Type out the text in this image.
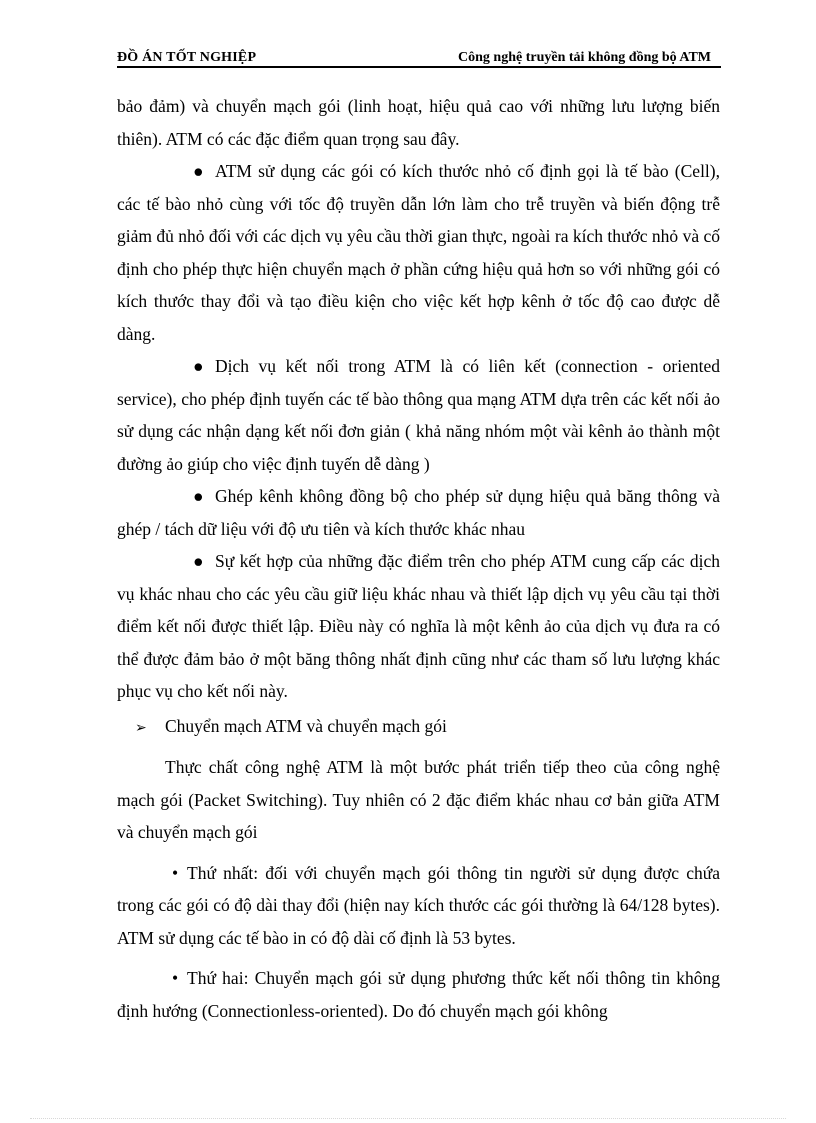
ĐỒ ÁN TỐT NGHIỆP	Công nghệ truyền tải không đồng bộ ATM

bảo đảm) và chuyển mạch gói (linh hoạt, hiệu quả cao với những lưu lượng biến thiên). ATM có các đặc điểm quan trọng sau đây.

● ATM sử dụng các gói có kích thước nhỏ cố định gọi là tế bào (Cell), các tế bào nhỏ cùng với tốc độ truyền dẫn lớn làm cho trễ truyền và biến động trễ giảm đủ nhỏ đối với các dịch vụ yêu cầu thời gian thực, ngoài ra kích thước nhỏ và cố định cho phép thực hiện chuyển mạch ở phần cứng hiệu quả hơn so với những gói có kích thước thay đổi và tạo điều kiện cho việc kết hợp kênh ở tốc độ cao được dễ dàng.

● Dịch vụ kết nối trong ATM là có liên kết (connection - oriented service), cho phép định tuyến các tế bào thông qua mạng ATM dựa trên các kết nối ảo sử dụng các nhận dạng kết nối đơn giản ( khả năng nhóm một vài kênh ảo thành một đường ảo giúp cho việc định tuyến dễ dàng )

● Ghép kênh không đồng bộ cho phép sử dụng hiệu quả băng thông và ghép / tách dữ liệu với độ ưu tiên và kích thước khác nhau

● Sự kết hợp của những đặc điểm trên cho phép ATM cung cấp các dịch vụ khác nhau cho các yêu cầu giữ liệu khác nhau và thiết lập dịch vụ yêu cầu tại thời điểm kết nối được thiết lập. Điều này có nghĩa là một kênh ảo của dịch vụ đưa ra có thể được đảm bảo ở một băng thông nhất định cũng như các tham số lưu lượng khác phục vụ cho kết nối này.

➢ Chuyển mạch ATM và chuyển mạch gói

Thực chất công nghệ ATM là một bước phát triển tiếp theo của công nghệ mạch gói (Packet Switching). Tuy nhiên có 2 đặc điểm khác nhau cơ bản giữa ATM và chuyển mạch gói

• Thứ nhất: đối với chuyển mạch gói thông tin người sử dụng được chứa trong các gói có độ dài thay đổi (hiện nay kích thước các gói thường là 64/128 bytes). ATM sử dụng các tế bào in có độ dài cố định là 53 bytes.

• Thứ hai: Chuyển mạch gói sử dụng phương thức kết nối thông tin không định hướng (Connectionless-oriented). Do đó chuyển mạch gói không
